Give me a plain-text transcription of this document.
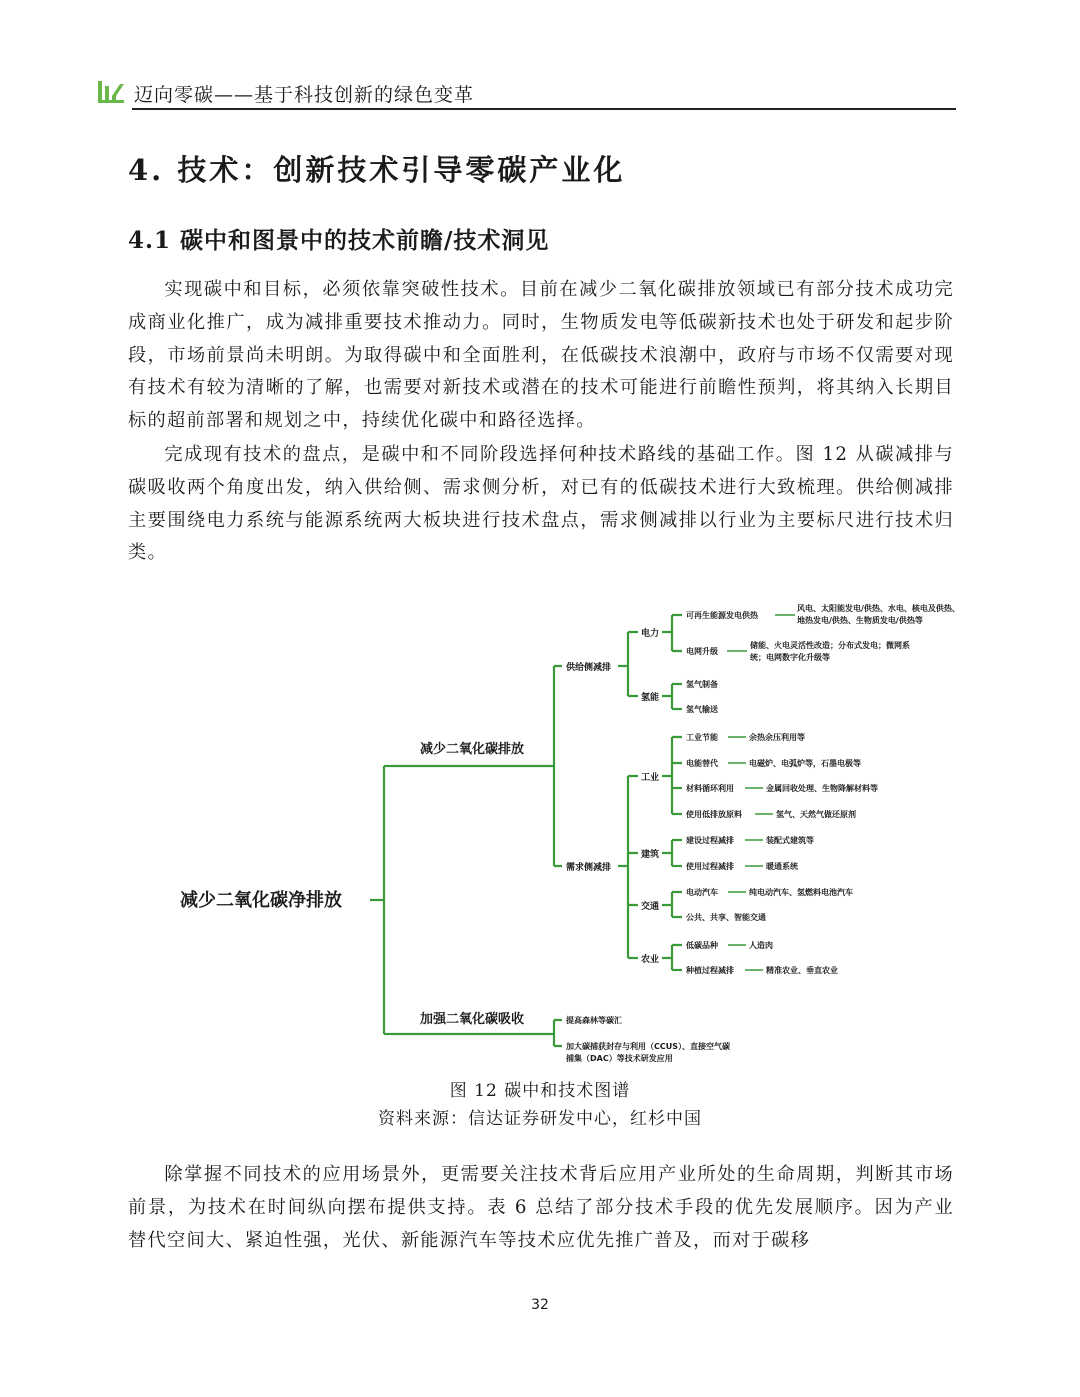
迈向零碳——基于科技创新的绿色变革
4. 技术：创新技术引导零碳产业化
4.1 碳中和图景中的技术前瞻/技术洞见

实现碳中和目标，必须依靠突破性技术。目前在减少二氧化碳排放领域已有部分技术成功完成商业化推广，成为减排重要技术推动力。同时，生物质发电等低碳新技术也处于研发和起步阶段，市场前景尚未明朗。为取得碳中和全面胜利，在低碳技术浪潮中，政府与市场不仅需要对现有技术有较为清晰的了解，也需要对新技术或潜在的技术可能进行前瞻性预判，将其纳入长期目标的超前部署和规划之中，持续优化碳中和路径选择。

完成现有技术的盘点，是碳中和不同阶段选择何种技术路线的基础工作。图 12 从碳减排与碳吸收两个角度出发，纳入供给侧、需求侧分析，对已有的低碳技术进行大致梳理。供给侧减排主要围绕电力系统与能源系统两大板块进行技术盘点，需求侧减排以行业为主要标尺进行技术归类。

减少二氧化碳净排放
减少二氧化碳排放
加强二氧化碳吸收
供给侧减排
需求侧减排
电力
氢能
可再生能源发电供热
风电、太阳能发电/供热、水电、核电及供热、
地热发电/供热、生物质发电/供热等
电网升级
储能、火电灵活性改造；分布式发电；微网系
统；电网数字化升级等
氢气制备
氢气输送
工业
建筑
交通
农业
工业节能	余热余压利用等
电能替代	电磁炉、电弧炉等，石墨电极等
材料循环利用	金属回收处理、生物降解材料等
使用低排放原料	氢气、天然气做还原剂
建设过程减排	装配式建筑等
使用过程减排	暖通系统
电动汽车	纯电动汽车、氢燃料电池汽车
公共、共享、智能交通
低碳品种	人造肉
种植过程减排	精准农业、垂直农业
提高森林等碳汇
加大碳捕获封存与利用（CCUS）、直接空气碳
捕集（DAC）等技术研发应用
图 12 碳中和技术图谱
资料来源：信达证券研发中心，红杉中国

除掌握不同技术的应用场景外，更需要关注技术背后应用产业所处的生命周期，判断其市场前景，为技术在时间纵向摆布提供支持。表 6 总结了部分技术手段的优先发展顺序。因为产业替代空间大、紧迫性强，光伏、新能源汽车等技术应优先推广普及，而对于碳移

32
